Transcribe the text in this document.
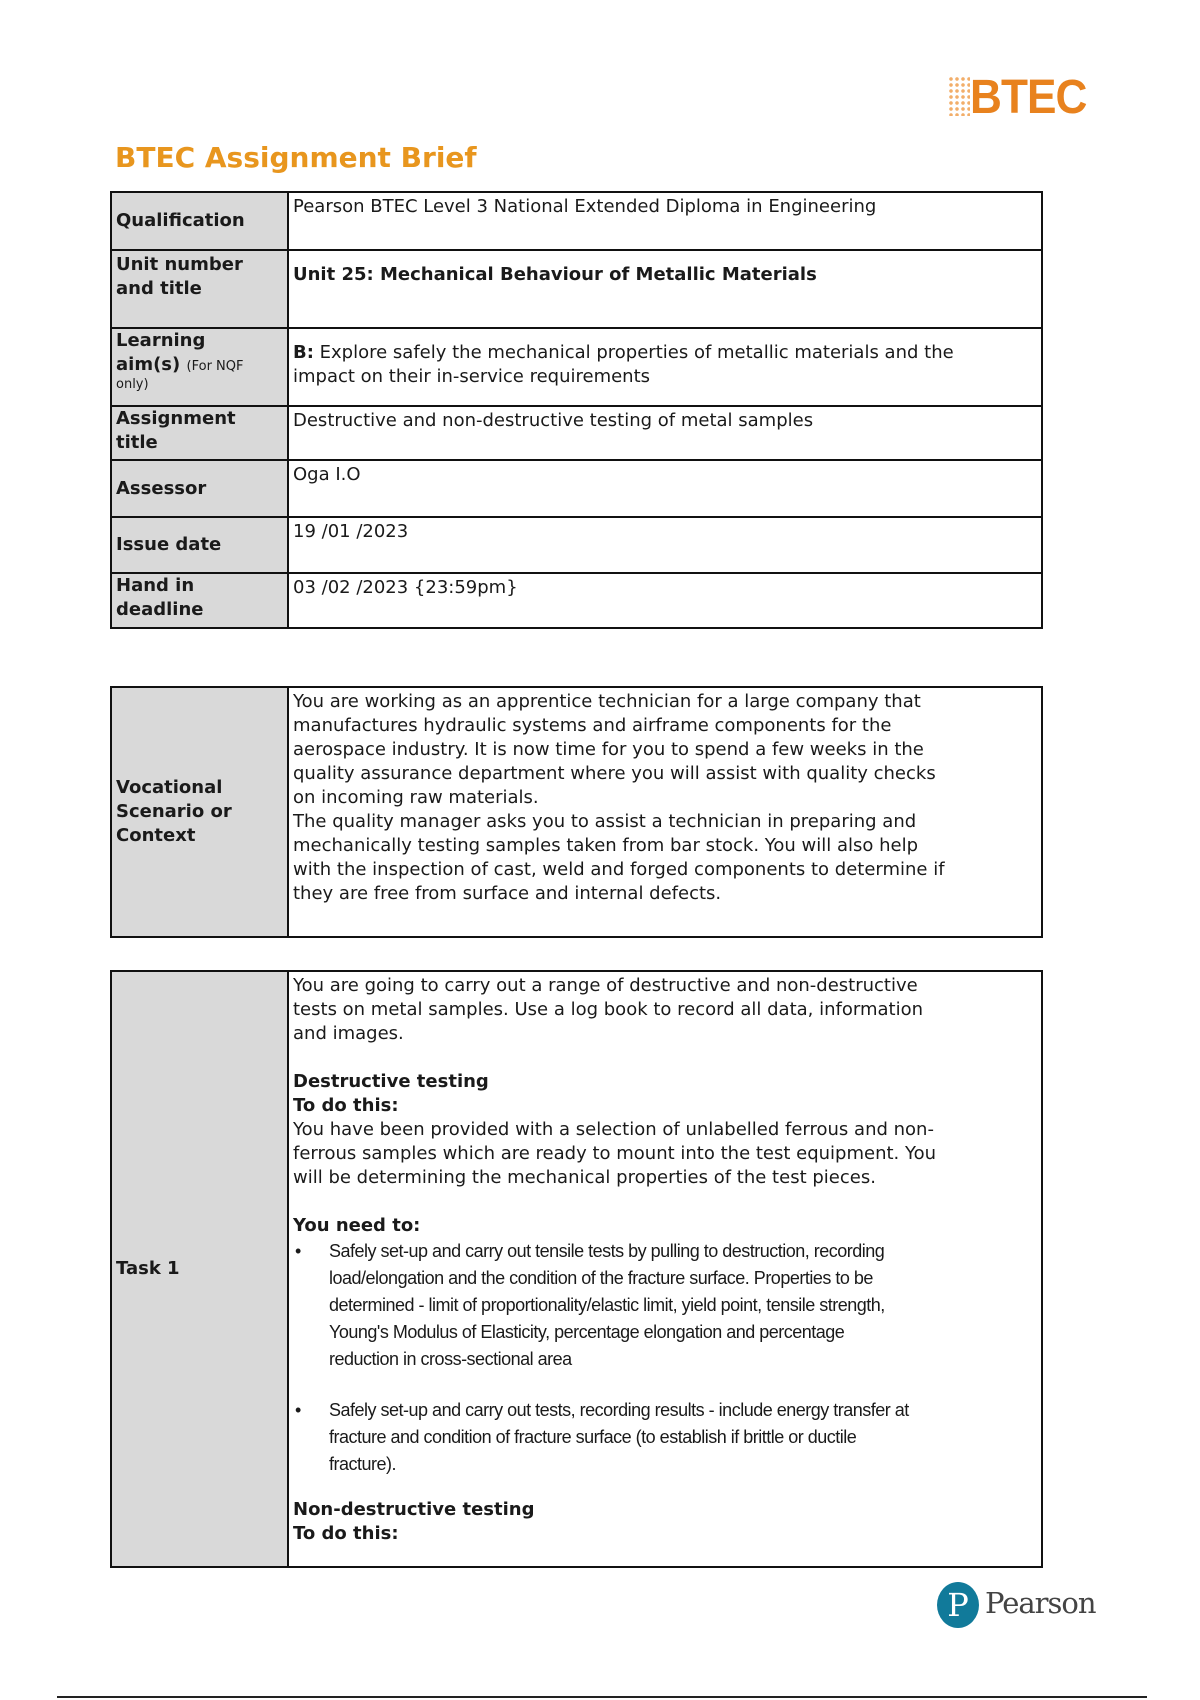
BTEC
BTEC Assignment Brief
Qualification
Pearson BTEC Level 3 National Extended Diploma in Engineering
Unit number
and title
Unit 25: Mechanical Behaviour of Metallic Materials
Learning
aim(s) (For NQF
only)
B: Explore safely the mechanical properties of metallic materials and the
impact on their in-service requirements
Assignment
title
Destructive and non-destructive testing of metal samples
Assessor
Oga I.O
Issue date
19 /01 /2023
Hand in
deadline
03 /02 /2023 {23:59pm}
Vocational
Scenario or
Context
You are working as an apprentice technician for a large company that
manufactures hydraulic systems and airframe components for the
aerospace industry. It is now time for you to spend a few weeks in the
quality assurance department where you will assist with quality checks
on incoming raw materials.
The quality manager asks you to assist a technician in preparing and
mechanically testing samples taken from bar stock. You will also help
with the inspection of cast, weld and forged components to determine if
they are free from surface and internal defects.
Task 1
You are going to carry out a range of destructive and non-destructive
tests on metal samples. Use a log book to record all data, information
and images.
Destructive testing
To do this:
You have been provided with a selection of unlabelled ferrous and non-
ferrous samples which are ready to mount into the test equipment. You
will be determining the mechanical properties of the test pieces.
You need to:
• Safely set-up and carry out tensile tests by pulling to destruction, recording
load/elongation and the condition of the fracture surface. Properties to be
determined - limit of proportionality/elastic limit, yield point, tensile strength,
Young's Modulus of Elasticity, percentage elongation and percentage
reduction in cross-sectional area
• Safely set-up and carry out tests, recording results - include energy transfer at
fracture and condition of fracture surface (to establish if brittle or ductile
fracture).
Non-destructive testing
To do this:
P Pearson
